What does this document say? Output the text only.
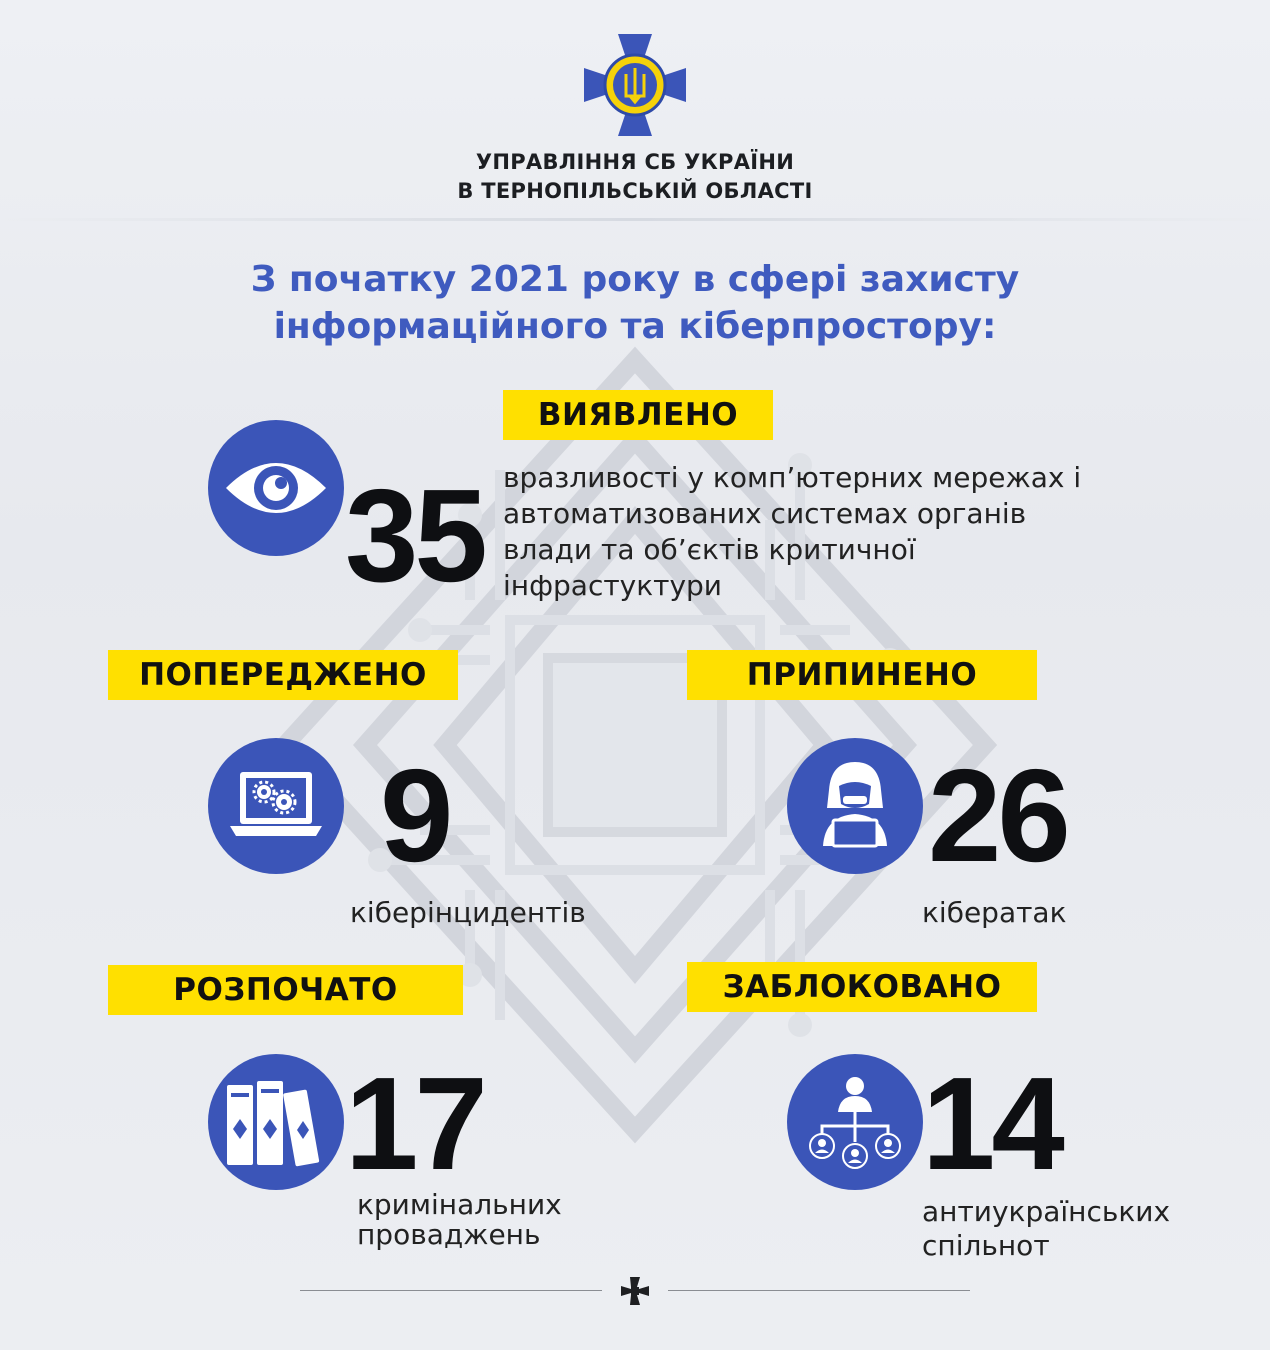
УПРАВЛІННЯ СБ УКРАЇНИ
В ТЕРНОПІЛЬСЬКІЙ ОБЛАСТІ
З початку 2021 року в сфері захисту
інформаційного та кіберпростору:
ВИЯВЛЕНО
35 вразливості у комп’ютерних мережах і
автоматизованих системах органів
влади та об’єктів критичної
інфрастуктури
ПОПЕРЕДЖЕНО
9
кіберінцидентів
ПРИПИНЕНО
26
кібератак
РОЗПОЧАТО
17
кримінальних
проваджень
ЗАБЛОКОВАНО
14
антиукраїнських
спільнот
